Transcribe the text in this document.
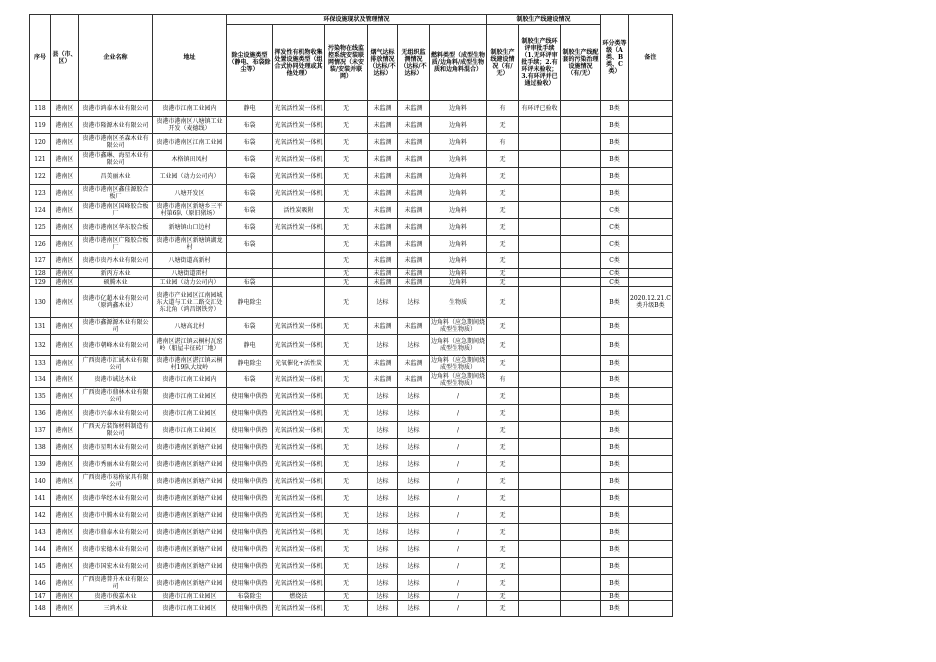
序号	县（市、区）	企业名称	地址	环保设施现状及管理情况						制胶生产线建设情况			环分类等级（A类、B类、C类）	备注
				除尘设施类型（静电、布袋除尘等）	挥发性有机物收集处置设施类型（组合式协同处理或其他处理）	污染物在线监控系统安装联网情况（未安装/安装并联网）	烟气达标排放情况（达标/不达标）	无组织监测情况（达标/不达标）	燃料类型（成型生物质/边角料/成型生物质和边角料混合）	制胶生产线建设情况（有/无）	制胶生产线环评审批手续（1.无环评审批手续；2.有环评未验收；3.有环评并已通过验收）	制胶生产线配套的污染治理设施情况（有/无）		
118	港南区	贵港市鸿泰木业有限公司	贵港市江南工业园内	静电	光氧活性炭一体机	无	未监测	未监测	边角料	有	有环评已验收		B类	
119	港南区	贵港市隆源木业有限公司	贵港市港南区八塘镇工业开发（麦德线）	布袋	光氧活性炭一体机	无	未监测	未监测	边角料	无			B类	
120	港南区	贵港市港南区圣森木业有限公司	贵港市港南区江南工业园	布袋	光氧活性炭一体机	无	未监测	未监测	边角料	有			B类	
121	港南区	贵港市鑫琳、海星木业有限公司	木格镇田凤村	布袋	光氧活性炭一体机	无	未监测	未监测	边角料	无			B类	
122	港南区	昌美丽木业	工业园（动力公司内）	布袋	光氧活性炭一体机	无	未监测	未监测	边角料	无			B类	
123	港南区	贵港市港南区鑫佳源胶合板厂	八塘开发区	布袋	光氧活性炭一体机	无	未监测	未监测	边角料	无			B类	
124	港南区	贵港市港南区国峰胶合板厂	贵港市港南区新塘乡三平村第6队（原旧猪场）	布袋	活性炭吸附	无	未监测	未监测	边角料	无			C类	
125	港南区	贵港市港南区华东胶合板	新塘镇山口边村	布袋	光氧活性炭一体机	无	未监测	未监测	边角料	无			C类	
126	港南区	贵港市港南区广隆胶合板厂	贵港市港南区新塘镇湖龙村	布袋		无	未监测	未监测	边角料	无			C类	
127	港南区	贵港市贵丹木业有限公司	八塘街道高新村			无	未监测	未监测	边角料	无			C类	
128	港南区	新丙方木业	八塘街道雷村			无	未监测	未监测	边角料	无			C类	
129	港南区	硕腾木业	工业园（动力公司内）	布袋		无	未监测	未监测	边角料	无			C类	
130	港南区	贵港市亿超木业有限公司（原鸿鑫木业）	贵港市产业园区江南园城东大道与工业二路交汇处东北角（鸿昌钢铁旁）	静电除尘		无	达标	达标	生物质	无			B类	2020.12.21.C类升级B类
131	港南区	贵港市鑫源源木业有限公司	八塘高北村	布袋	光氧活性炭一体机	无	未监测	未监测	边角料（应急期间烧成型生物质）	无			B类	
132	港南区	贵港市朝峰木业有限公司	港南区湛江镇云桐村瓦窑岭（船屋丰征砖厂地）	静电	光氧活性炭一体机	无	达标	达标	边角料（应急期间烧成型生物质）	无			B类	
133	港南区	广西贵港市汇诚木业有限公司	贵港市港南区湛江镇云桐村19队大坟岭	静电除尘	光氧催化+活性炭	无	未监测	未监测	边角料（应急期间烧成型生物质）	无			B类	
134	港南区	贵港市诚达木业	贵港市江南工业园内	布袋	光氧活性炭一体机	无	未监测	未监测	边角料（应急期间烧成型生物质）	有			B类	
135	港南区	广西贵港市鼎林木业有限公司	贵港市江南工业园区	使用集中供热	光氧活性炭一体机	无	达标	达标	/	无			B类	
136	港南区	贵港市兴泰木业有限公司	贵港市江南工业园区	使用集中供热	光氧活性炭一体机	无	达标	达标	/	无			B类	
137	港南区	广西天方装饰材料制造有限公司	贵港市江南工业园区	使用集中供热	光氧活性炭一体机	无	达标	达标	/	无			B类	
138	港南区	贵港市星明木业有限公司	贵港市港南区新塘产业园	使用集中供热	光氧活性炭一体机	无	达标	达标	/	无			B类	
139	港南区	贵港市秀丽木业有限公司	贵港市港南区新塘产业园	使用集中供热	光氧活性炭一体机	无	达标	达标	/	无			B类	
140	港南区	广西贵港市易格家具有限公司	贵港市港南区新塘产业园	使用集中供热	光氧活性炭一体机	无	达标	达标	/	无			B类	
141	港南区	贵港市华经木业有限公司	贵港市港南区新塘产业园	使用集中供热	光氧活性炭一体机	无	达标	达标	/	无			B类	
142	港南区	贵港市中腾木业有限公司	贵港市港南区新塘产业园	使用集中供热	光氧活性炭一体机	无	达标	达标	/	无			B类	
143	港南区	贵港市鼎泰木业有限公司	贵港市港南区新塘产业园	使用集中供热	光氧活性炭一体机	无	达标	达标	/	无			B类	
144	港南区	贵港市宏德木业有限公司	贵港市港南区新塘产业园	使用集中供热	光氧活性炭一体机	无	达标	达标	/	无			B类	
145	港南区	贵港市国宏木业有限公司	贵港市港南区新塘产业园	使用集中供热	光氧活性炭一体机	无	达标	达标	/	无			B类	
146	港南区	广西贵港普升木业有限公司	贵港市港南区新塘产业园	使用集中供热	光氧活性炭一体机	无	达标	达标	/	无			B类	
147	港南区	贵港市俊嘉木业	贵港市江南工业园区	布袋除尘	燃烧法	无	达标	达标	/	无			B类	
148	港南区	三鸿木业	贵港市江南工业园区	使用集中供热	光氧活性炭一体机	无	达标	达标	/	无			B类	
